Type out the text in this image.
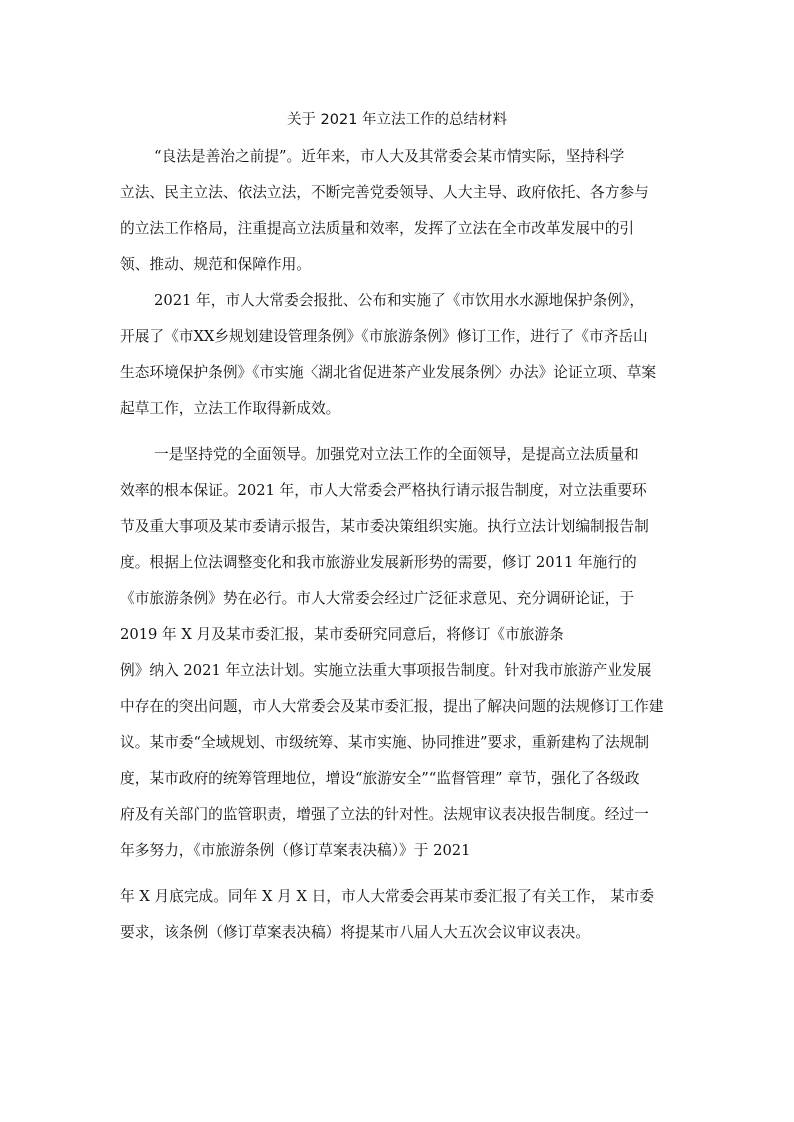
关于 2021 年立法工作的总结材料
“良法是善治之前提”。近年来，市人大及其常委会某市情实际，坚持科学
立法、民主立法、依法立法，不断完善党委领导、人大主导、政府依托、各方参与
的立法工作格局，注重提高立法质量和效率，发挥了立法在全市改革发展中的引
领、推动、规范和保障作用。
2021 年，市人大常委会报批、公布和实施了《市饮用水水源地保护条例》，
开展了《市XX乡规划建设管理条例》《市旅游条例》修订工作，进行了《市齐岳山
生态环境保护条例》《市实施〈湖北省促进茶产业发展条例〉办法》论证立项、草案
起草工作，立法工作取得新成效。
一是坚持党的全面领导。加强党对立法工作的全面领导，是提高立法质量和
效率的根本保证。2021 年，市人大常委会严格执行请示报告制度，对立法重要环
节及重大事项及某市委请示报告，某市委决策组织实施。执行立法计划编制报告制
度。根据上位法调整变化和我市旅游业发展新形势的需要，修订 2011 年施行的
《市旅游条例》势在必行。市人大常委会经过广泛征求意见、充分调研论证，于
2019 年 X 月及某市委汇报，某市委研究同意后，将修订《市旅游条
例》纳入 2021 年立法计划。实施立法重大事项报告制度。针对我市旅游产业发展
中存在的突出问题，市人大常委会及某市委汇报，提出了解决问题的法规修订工作建
议。某市委“全域规划、市级统筹、某市实施、协同推进”要求，重新建构了法规制
度，某市政府的统筹管理地位，增设“旅游安全”“监督管理” 章节，强化了各级政
府及有关部门的监管职责，增强了立法的针对性。法规审议表决报告制度。经过一
年多努力，《市旅游条例（修订草案表决稿）》于 2021
年 X 月底完成。同年 X 月 X 日，市人大常委会再某市委汇报了有关工作， 某市委
要求，该条例（修订草案表决稿）将提某市八届人大五次会议审议表决。
